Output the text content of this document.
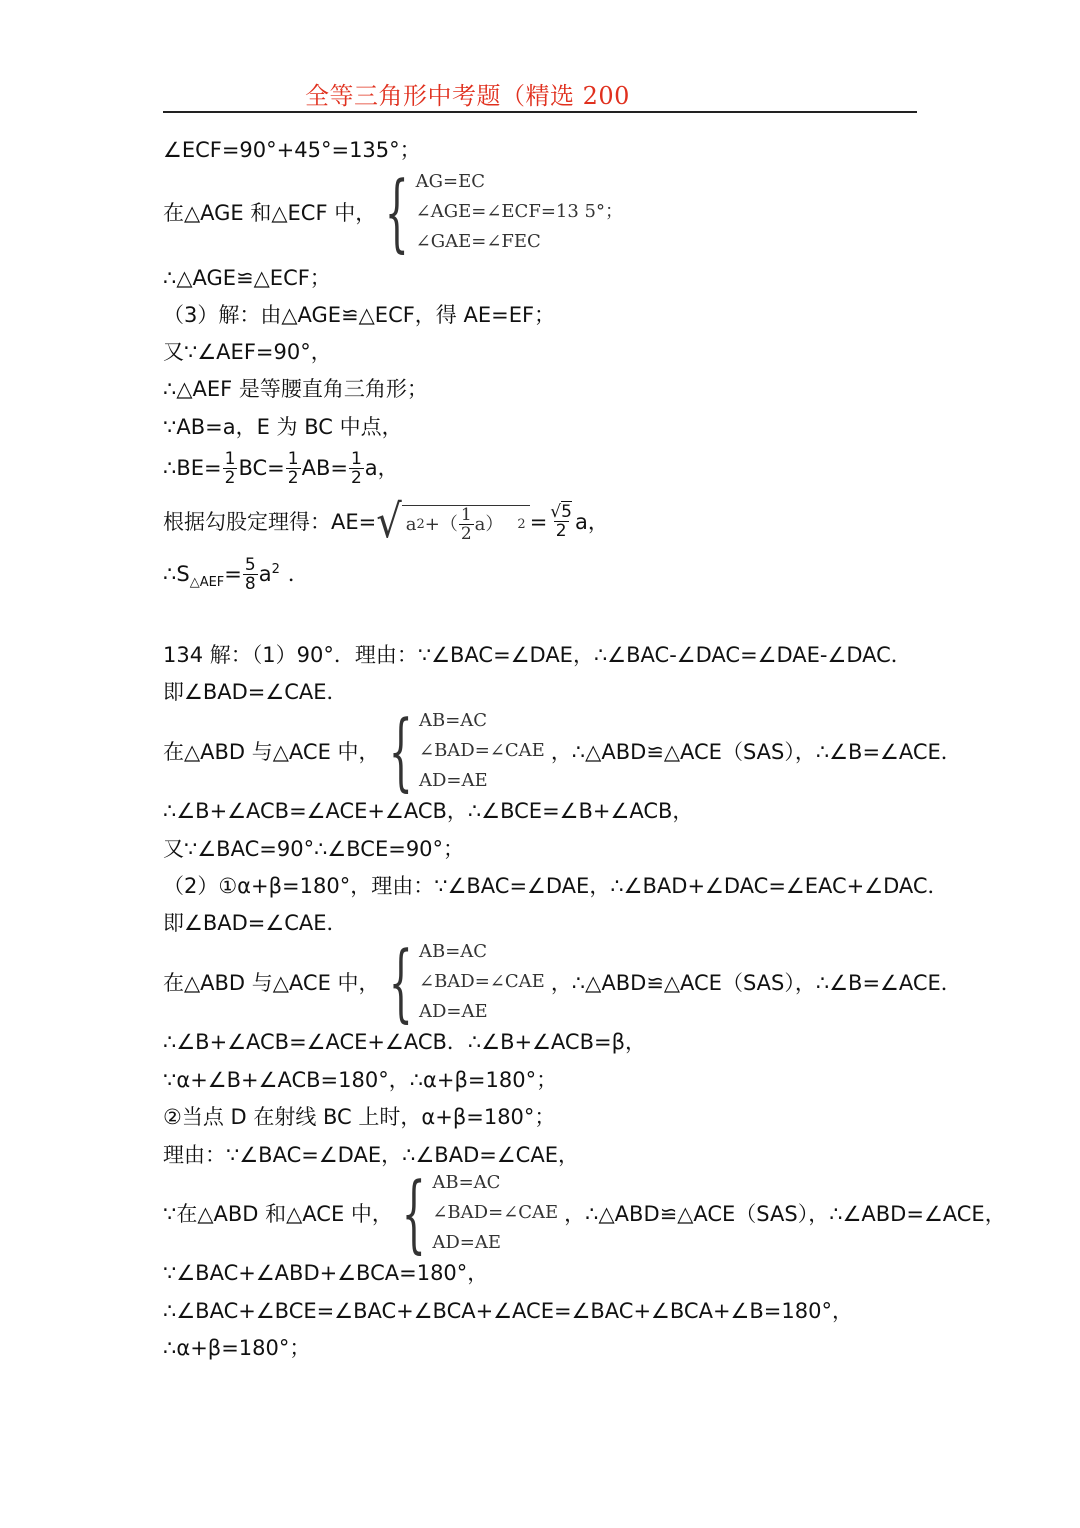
全等三角形中考题（精选 200
∠ECF=90°+45°=135°；
在△AGE 和△ECF 中， { AG=EC
∠AGE=∠ECF=13 5°；
∠GAE=∠FEC
∴△AGE≌△ECF；
（3）解：由△AGE≌△ECF，得 AE=EF；
又∵∠AEF=90°，
∴△AEF 是等腰直角三角形；
∵AB=a，E 为 BC 中点，
∴BE= $\frac{1}{2} BC= \frac{1}{2} AB= \frac{1}{2}$ a，
根据勾股定理得：AE= √ a 2 +（ $\frac{1}{2} a$） $2 = \frac{√5}{2}$ a，
$\therefore S_{\triangle AEF}= \frac{5}{8} a^2$ ．
134 解：（1）90°．理由：∵∠BAC=∠DAE，∴∠BAC-∠DAC=∠DAE-∠DAC．
即∠BAD=∠CAE．
在△ABD 与△ACE 中， { AB=AC
∠BAD=∠CAE
AD=AE
，∴△ABD≌△ACE（SAS），∴∠B=∠ACE．
∴∠B+∠ACB=∠ACE+∠ACB，∴∠BCE=∠B+∠ACB，
又∵∠BAC=90°∴∠BCE=90°；
（2）①α+β=180°，理由：∵∠BAC=∠DAE，∴∠BAD+∠DAC=∠EAC+∠DAC．
即∠BAD=∠CAE．
在△ABD 与△ACE 中， { AB=AC
∠BAD=∠CAE
AD=AE
，∴△ABD≌△ACE（SAS），∴∠B=∠ACE．
∴∠B+∠ACB=∠ACE+∠ACB．∴∠B+∠ACB=β，
∵α+∠B+∠ACB=180°，∴α+β=180°；
②当点 D 在射线 BC 上时，α+β=180°；
理由：∵∠BAC=∠DAE，∴∠BAD=∠CAE，
∵在△ABD 和△ACE 中， { AB=AC
∠BAD=∠CAE
AD=AE
，∴△ABD≌△ACE（SAS），∴∠ABD=∠ACE，
∵∠BAC+∠ABD+∠BCA=180°，
∴∠BAC+∠BCE=∠BAC+∠BCA+∠ACE=∠BAC+∠BCA+∠B=180°，
∴α+β=180°；
